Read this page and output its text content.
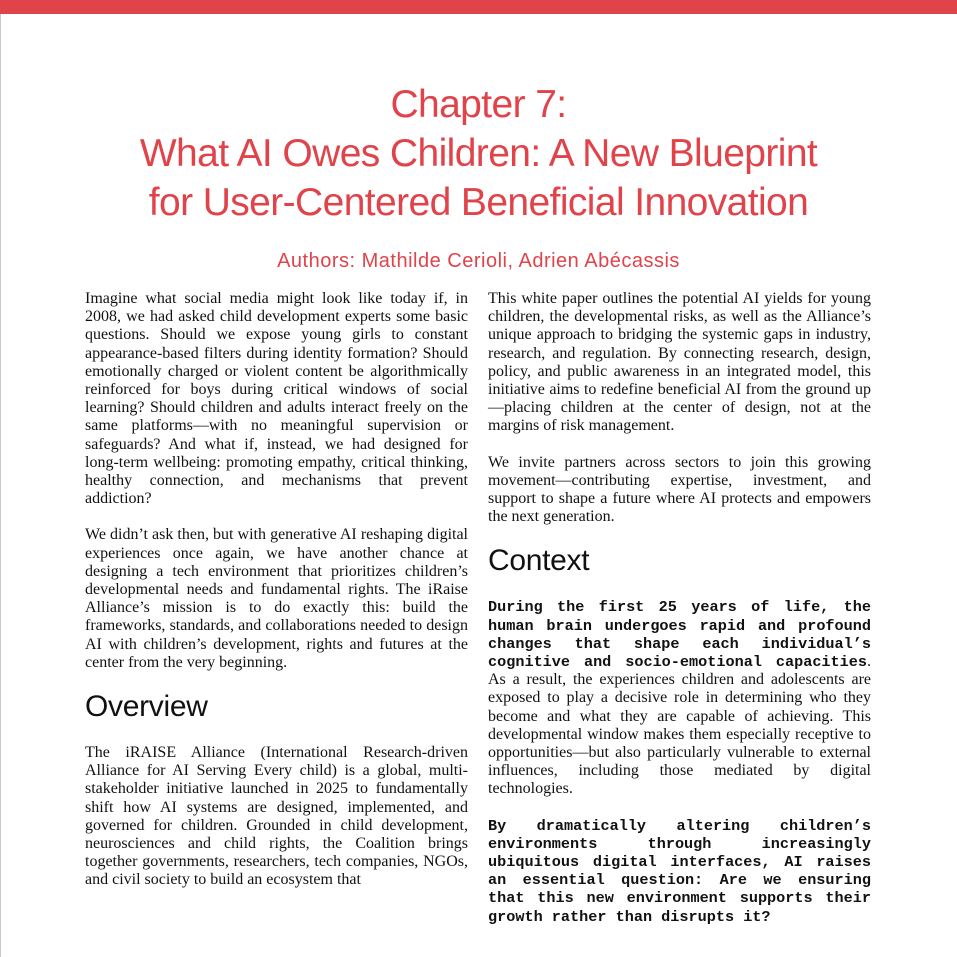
Chapter 7:
What AI Owes Children: A New Blueprint
for User-Centered Beneficial Innovation
Authors: Mathilde Cerioli, Adrien Abécassis

Imagine what social media might look like today if, in 2008, we had asked child development experts some basic questions. Should we expose young girls to constant appearance-based filters during identity formation? Should emotionally charged or violent content be algorithmically reinforced for boys during critical windows of social learning? Should children and adults interact freely on the same platforms—with no meaningful supervision or safeguards? And what if, instead, we had designed for long-term wellbeing: promoting empathy, critical thinking, healthy connection, and mechanisms that prevent addiction?

We didn’t ask then, but with generative AI reshaping digital experiences once again, we have another chance at designing a tech environment that prioritizes children’s developmental needs and fundamental rights. The iRaise Alliance’s mission is to do exactly this: build the frameworks, standards, and collaborations needed to design AI with children’s development, rights and futures at the center from the very beginning.

Overview

The iRAISE Alliance (International Research-driven Alliance for AI Serving Every child) is a global, multi-stakeholder initiative launched in 2025 to fundamentally shift how AI systems are designed, implemented, and governed for children. Grounded in child development, neurosciences and child rights, the Coalition brings together governments, researchers, tech companies, NGOs, and civil society to build an ecosystem that

This white paper outlines the potential AI yields for young children, the developmental risks, as well as the Alliance’s unique approach to bridging the systemic gaps in industry, research, and regulation. By connecting research, design, policy, and public awareness in an integrated model, this initiative aims to redefine beneficial AI from the ground up—placing children at the center of design, not at the margins of risk management.

We invite partners across sectors to join this growing movement—contributing expertise, investment, and support to shape a future where AI protects and empowers the next generation.

Context

During the first 25 years of life, the human brain undergoes rapid and profound changes that shape each individual’s cognitive and socio-emotional capacities. As a result, the experiences children and adolescents are exposed to play a decisive role in determining who they become and what they are capable of achieving. This developmental window makes them especially receptive to opportunities—but also particularly vulnerable to external influences, including those mediated by digital technologies.

By dramatically altering children’s environments through increasingly ubiquitous digital interfaces, AI raises an essential question: Are we ensuring that this new environment supports their growth rather than disrupts it?
